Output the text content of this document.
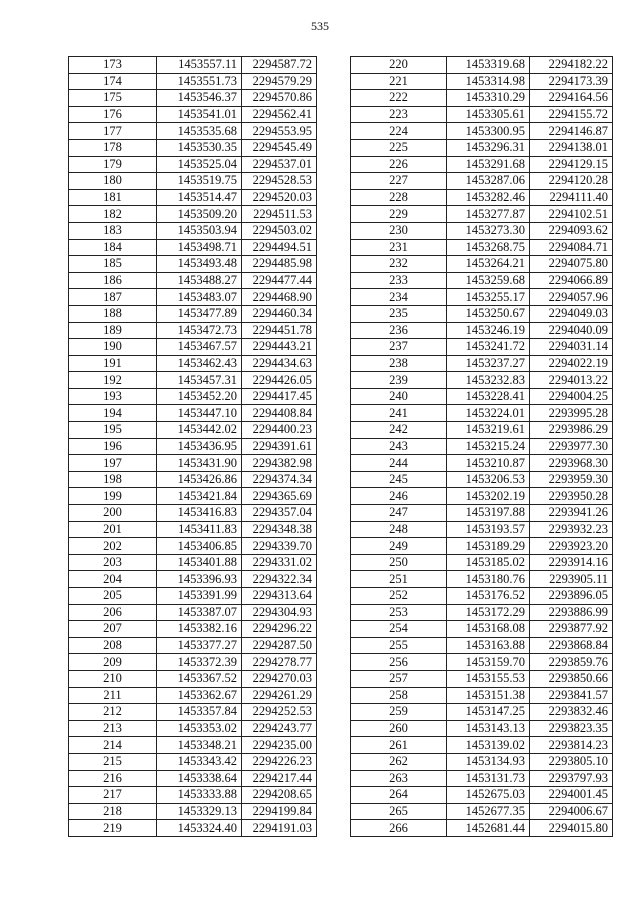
535
173	1453557.11	2294587.72
174	1453551.73	2294579.29
175	1453546.37	2294570.86
176	1453541.01	2294562.41
177	1453535.68	2294553.95
178	1453530.35	2294545.49
179	1453525.04	2294537.01
180	1453519.75	2294528.53
181	1453514.47	2294520.03
182	1453509.20	2294511.53
183	1453503.94	2294503.02
184	1453498.71	2294494.51
185	1453493.48	2294485.98
186	1453488.27	2294477.44
187	1453483.07	2294468.90
188	1453477.89	2294460.34
189	1453472.73	2294451.78
190	1453467.57	2294443.21
191	1453462.43	2294434.63
192	1453457.31	2294426.05
193	1453452.20	2294417.45
194	1453447.10	2294408.84
195	1453442.02	2294400.23
196	1453436.95	2294391.61
197	1453431.90	2294382.98
198	1453426.86	2294374.34
199	1453421.84	2294365.69
200	1453416.83	2294357.04
201	1453411.83	2294348.38
202	1453406.85	2294339.70
203	1453401.88	2294331.02
204	1453396.93	2294322.34
205	1453391.99	2294313.64
206	1453387.07	2294304.93
207	1453382.16	2294296.22
208	1453377.27	2294287.50
209	1453372.39	2294278.77
210	1453367.52	2294270.03
211	1453362.67	2294261.29
212	1453357.84	2294252.53
213	1453353.02	2294243.77
214	1453348.21	2294235.00
215	1453343.42	2294226.23
216	1453338.64	2294217.44
217	1453333.88	2294208.65
218	1453329.13	2294199.84
219	1453324.40	2294191.03
220	1453319.68	2294182.22
221	1453314.98	2294173.39
222	1453310.29	2294164.56
223	1453305.61	2294155.72
224	1453300.95	2294146.87
225	1453296.31	2294138.01
226	1453291.68	2294129.15
227	1453287.06	2294120.28
228	1453282.46	2294111.40
229	1453277.87	2294102.51
230	1453273.30	2294093.62
231	1453268.75	2294084.71
232	1453264.21	2294075.80
233	1453259.68	2294066.89
234	1453255.17	2294057.96
235	1453250.67	2294049.03
236	1453246.19	2294040.09
237	1453241.72	2294031.14
238	1453237.27	2294022.19
239	1453232.83	2294013.22
240	1453228.41	2294004.25
241	1453224.01	2293995.28
242	1453219.61	2293986.29
243	1453215.24	2293977.30
244	1453210.87	2293968.30
245	1453206.53	2293959.30
246	1453202.19	2293950.28
247	1453197.88	2293941.26
248	1453193.57	2293932.23
249	1453189.29	2293923.20
250	1453185.02	2293914.16
251	1453180.76	2293905.11
252	1453176.52	2293896.05
253	1453172.29	2293886.99
254	1453168.08	2293877.92
255	1453163.88	2293868.84
256	1453159.70	2293859.76
257	1453155.53	2293850.66
258	1453151.38	2293841.57
259	1453147.25	2293832.46
260	1453143.13	2293823.35
261	1453139.02	2293814.23
262	1453134.93	2293805.10
263	1453131.73	2293797.93
264	1452675.03	2294001.45
265	1452677.35	2294006.67
266	1452681.44	2294015.80
